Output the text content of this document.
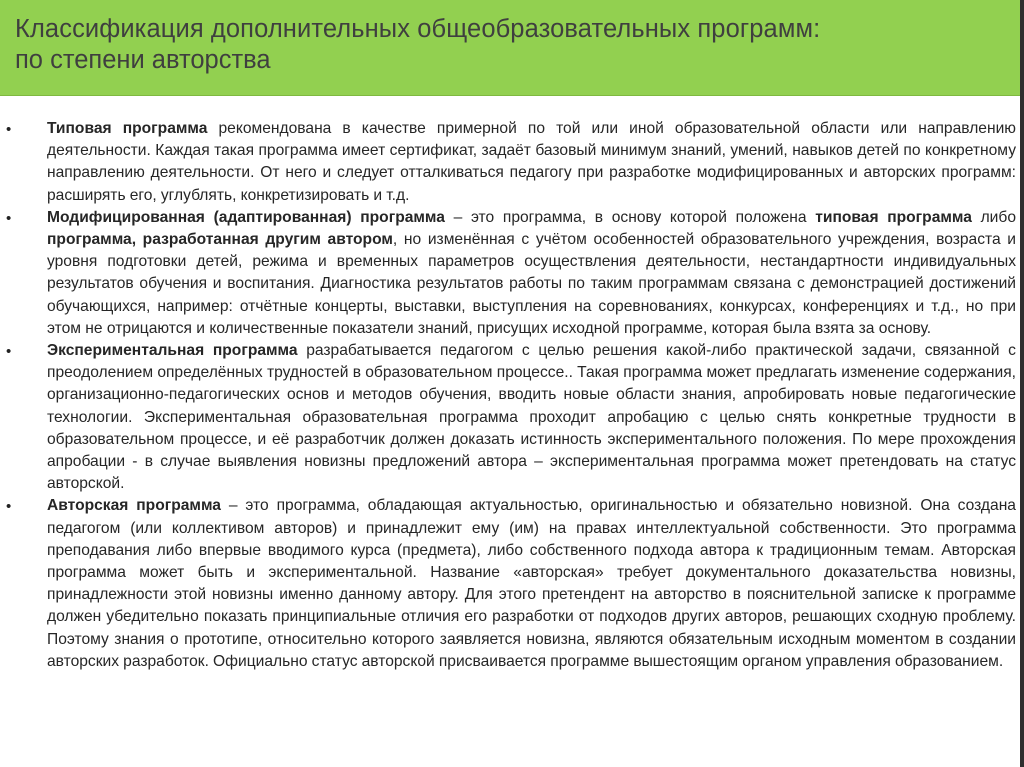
Классификация дополнительных общеобразовательных программ:
по степени авторства
• Типовая программа рекомендована в качестве примерной по той или иной образовательной области или направлению деятельности. Каждая такая программа имеет сертификат, задаёт базовый минимум знаний, умений, навыков детей по конкретному направлению деятельности. От него и следует отталкиваться педагогу при разработке модифицированных и авторских программ: расширять его, углублять, конкретизировать и т.д.
• Модифицированная (адаптированная) программа – это программа, в основу которой положена типовая программа либо программа, разработанная другим автором, но изменённая с учётом особенностей образовательного учреждения, возраста и уровня подготовки детей, режима и временных параметров осуществления деятельности, нестандартности индивидуальных результатов обучения и воспитания. Диагностика результатов работы по таким программам связана с демонстрацией достижений обучающихся, например: отчётные концерты, выставки, выступления на соревнованиях, конкурсах, конференциях и т.д., но при этом не отрицаются и количественные показатели знаний, присущих исходной программе, которая была взята за основу.
• Экспериментальная программа разрабатывается педагогом с целью решения какой-либо практической задачи, связанной с преодолением определённых трудностей в образовательном процессе.. Такая программа может предлагать изменение содержания, организационно-педагогических основ и методов обучения, вводить новые области знания, апробировать новые педагогические технологии. Экспериментальная образовательная программа проходит апробацию с целью снять конкретные трудности в образовательном процессе, и её разработчик должен доказать истинность экспериментального положения. По мере прохождения апробации - в случае выявления новизны предложений автора – экспериментальная программа может претендовать на статус авторской.
• Авторская программа – это программа, обладающая актуальностью, оригинальностью и обязательно новизной. Она создана педагогом (или коллективом авторов) и принадлежит ему (им) на правах интеллектуальной собственности. Это программа преподавания либо впервые вводимого курса (предмета), либо собственного подхода автора к традиционным темам. Авторская программа может быть и экспериментальной. Название «авторская» требует документального доказательства новизны, принадлежности этой новизны именно данному автору. Для этого претендент на авторство в пояснительной записке к программе должен убедительно показать принципиальные отличия его разработки от подходов других авторов, решающих сходную проблему. Поэтому знания о прототипе, относительно которого заявляется новизна, являются обязательным исходным моментом в создании авторских разработок. Официально статус авторской присваивается программе вышестоящим органом управления образованием.
